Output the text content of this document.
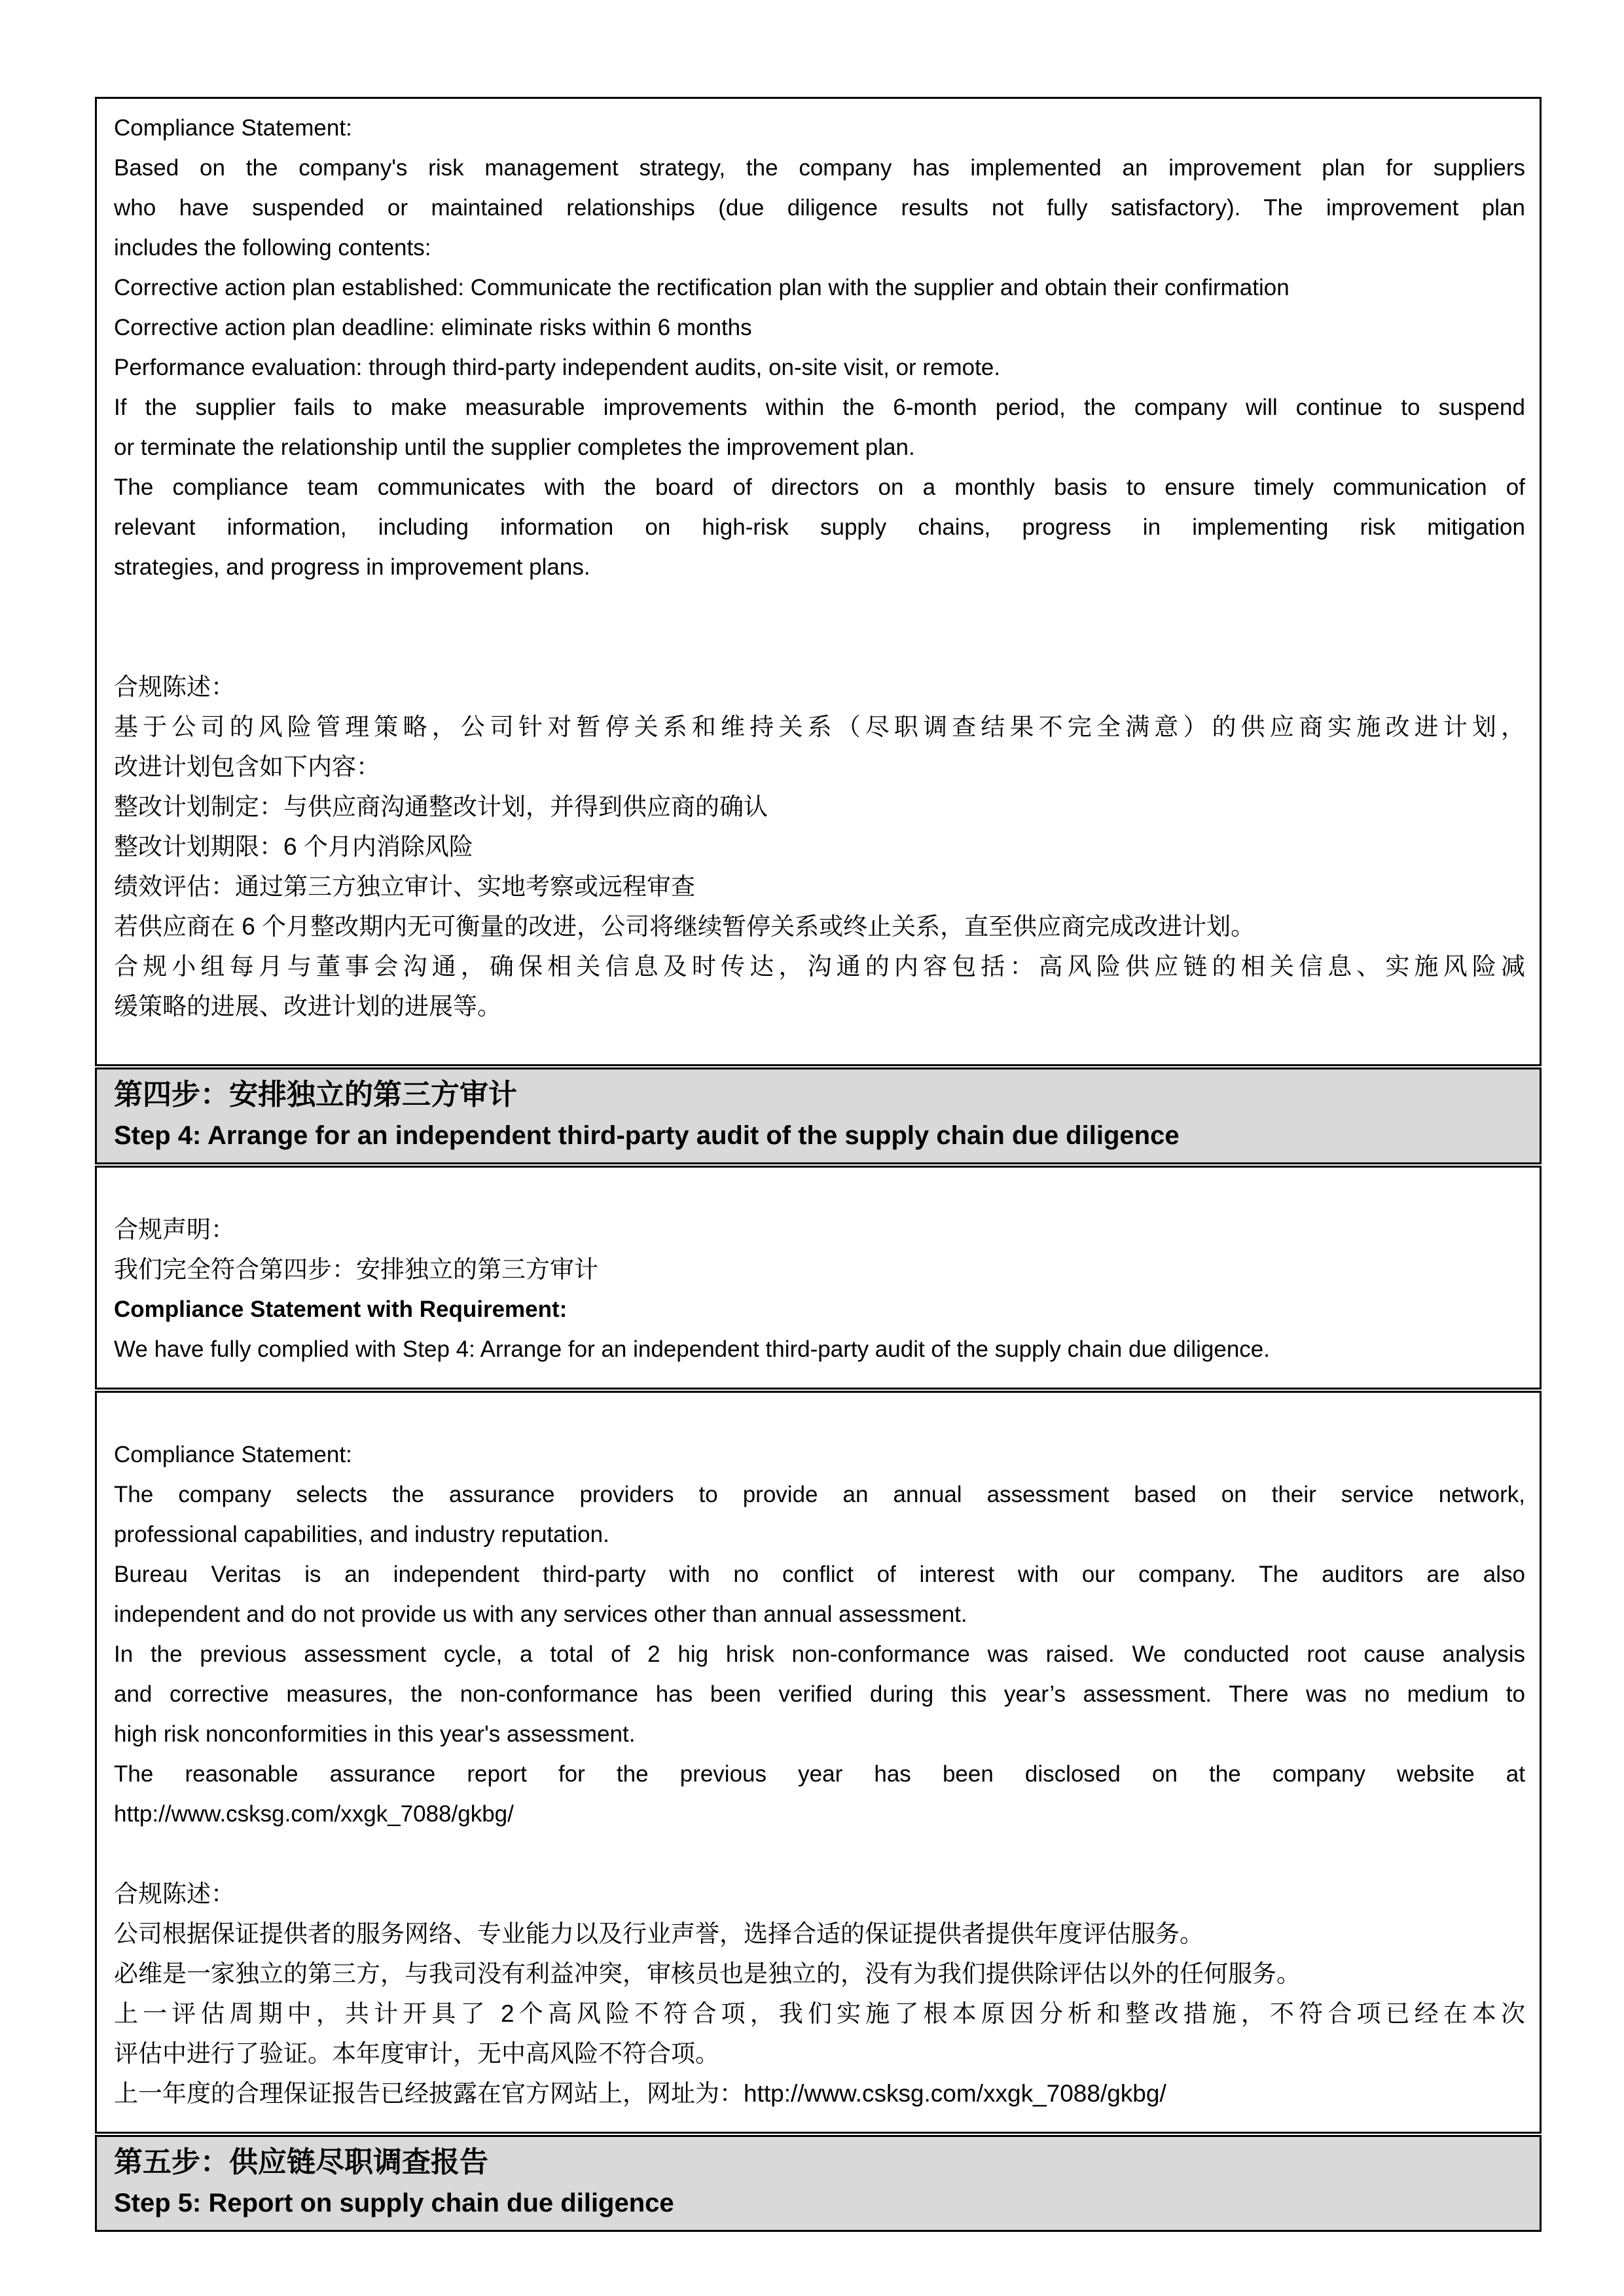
Compliance Statement:
Based on the company's risk management strategy, the company has implemented an improvement plan for suppliers
who have suspended or maintained relationships (due diligence results not fully satisfactory). The improvement plan
includes the following contents:
Corrective action plan established: Communicate the rectification plan with the supplier and obtain their confirmation
Corrective action plan deadline: eliminate risks within 6 months
Performance evaluation: through third-party independent audits, on-site visit, or remote.
If the supplier fails to make measurable improvements within the 6-month period, the company will continue to suspend
or terminate the relationship until the supplier completes the improvement plan.
The compliance team communicates with the board of directors on a monthly basis to ensure timely communication of
relevant information, including information on high-risk supply chains, progress in implementing risk mitigation
strategies, and progress in improvement plans.
合规陈述：
基于公司的风险管理策略，公司针对暂停关系和维持关系（尽职调查结果不完全满意）的供应商实施改进计划，
改进计划包含如下内容：
整改计划制定：与供应商沟通整改计划，并得到供应商的确认
整改计划期限：6 个月内消除风险
绩效评估：通过第三方独立审计、实地考察或远程审查
若供应商在 6 个月整改期内无可衡量的改进，公司将继续暂停关系或终止关系，直至供应商完成改进计划。
合规小组每月与董事会沟通，确保相关信息及时传达，沟通的内容包括：高风险供应链的相关信息、实施风险减
缓策略的进展、改进计划的进展等。
第四步：安排独立的第三方审计
Step 4: Arrange for an independent third-party audit of the supply chain due diligence
合规声明：
我们完全符合第四步：安排独立的第三方审计
Compliance Statement with Requirement:
We have fully complied with Step 4: Arrange for an independent third-party audit of the supply chain due diligence.
Compliance Statement:
The company selects the assurance providers to provide an annual assessment based on their service network,
professional capabilities, and industry reputation.
Bureau Veritas is an independent third-party with no conflict of interest with our company. The auditors are also
independent and do not provide us with any services other than annual assessment.
In the previous assessment cycle, a total of 2 hig hrisk non-conformance was raised. We conducted root cause analysis
and corrective measures, the non-conformance has been verified during this year’s assessment. There was no medium to
high risk nonconformities in this year's assessment.
The reasonable assurance report for the previous year has been disclosed on the company website at
http://www.csksg.com/xxgk_7088/gkbg/
合规陈述：
公司根据保证提供者的服务网络、专业能力以及行业声誉，选择合适的保证提供者提供年度评估服务。
必维是一家独立的第三方，与我司没有利益冲突，审核员也是独立的，没有为我们提供除评估以外的任何服务。
上一评估周期中，共计开具了 2个高风险不符合项，我们实施了根本原因分析和整改措施，不符合项已经在本次
评估中进行了验证。本年度审计，无中高风险不符合项。
上一年度的合理保证报告已经披露在官方网站上，网址为：http://www.csksg.com/xxgk_7088/gkbg/
第五步：供应链尽职调查报告
Step 5: Report on supply chain due diligence
